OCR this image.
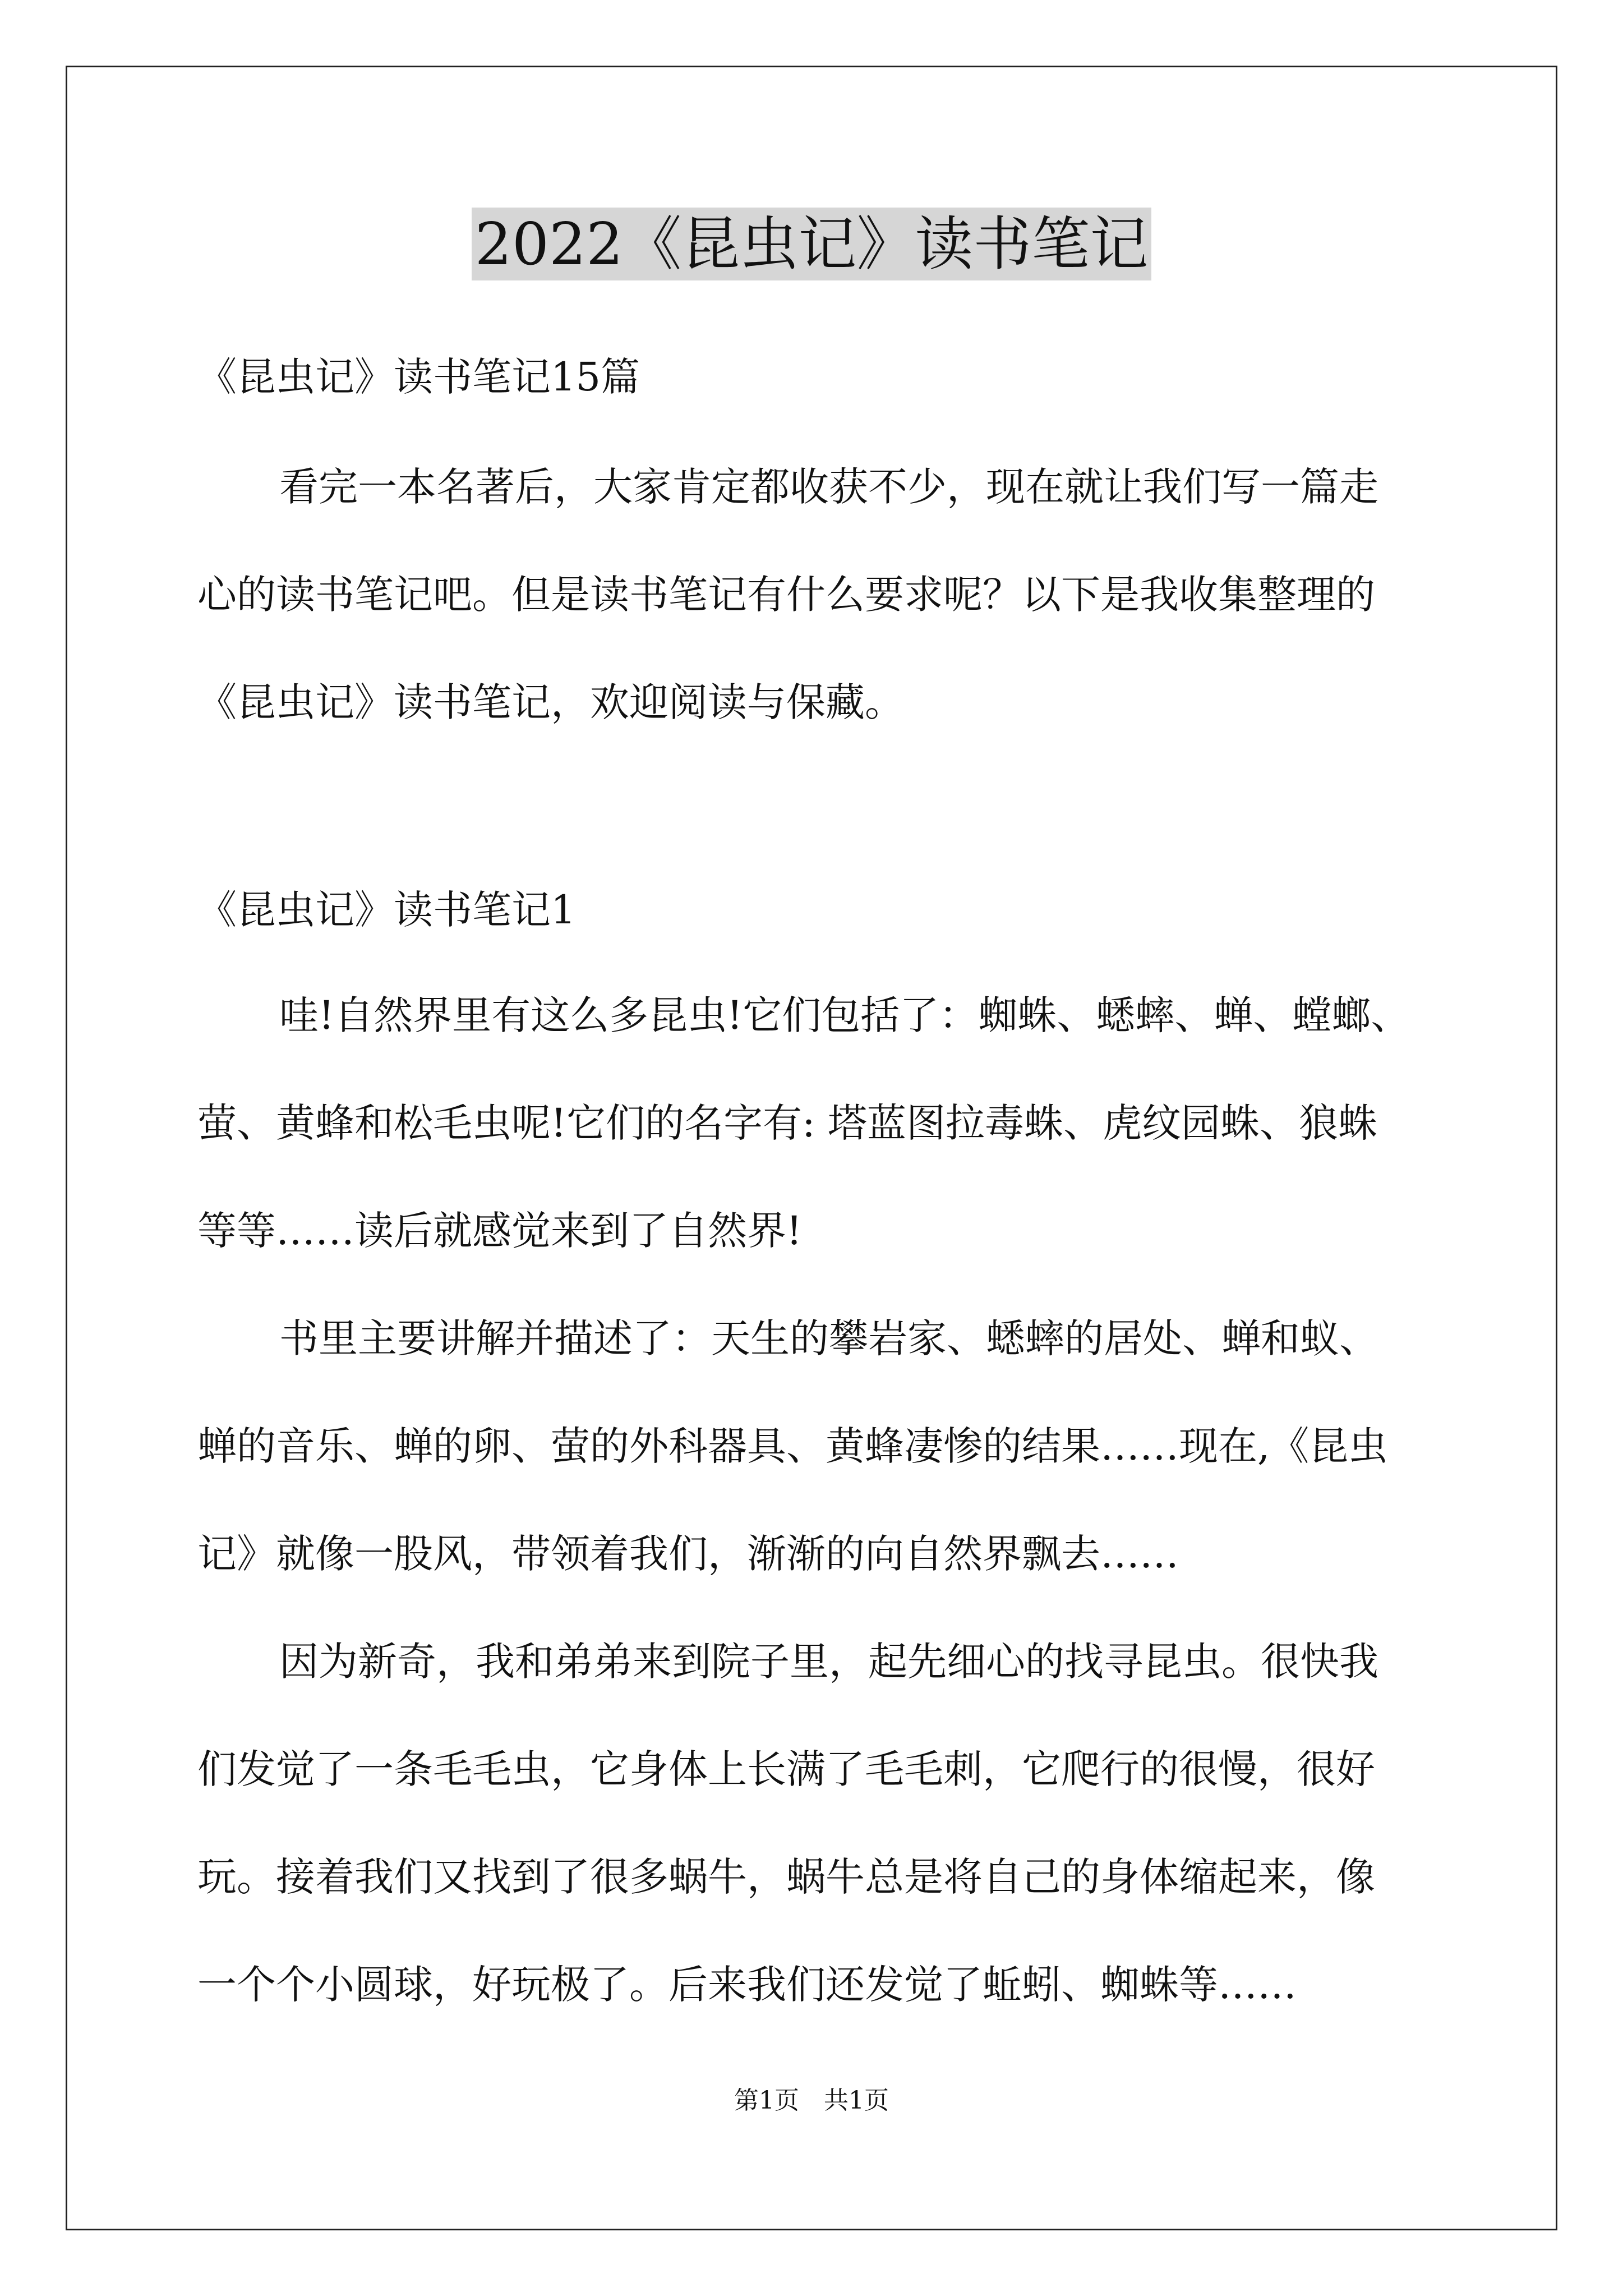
2022《昆虫记》读书笔记
《昆虫记》读书笔记15篇
看完一本名著后，大家肯定都收获不少，现在就让我们写一篇走
心的读书笔记吧。但是读书笔记有什么要求呢？以下是我收集整理的
《昆虫记》读书笔记，欢迎阅读与保藏。
《昆虫记》读书笔记1
哇!自然界里有这么多昆虫!它们包括了：蜘蛛、蟋蟀、蝉、螳螂、
萤、黄蜂和松毛虫呢!它们的名字有: 塔蓝图拉毒蛛、虎纹园蛛、狼蛛
等等……读后就感觉来到了自然界!
书里主要讲解并描述了：天生的攀岩家、蟋蟀的居处、蝉和蚁、
蝉的音乐、蝉的卵、萤的外科器具、黄蜂凄惨的结果……现在,《昆虫
记》就像一股风，带领着我们，渐渐的向自然界飘去……
因为新奇，我和弟弟来到院子里，起先细心的找寻昆虫。很快我
们发觉了一条毛毛虫，它身体上长满了毛毛刺，它爬行的很慢，很好
玩。接着我们又找到了很多蜗牛，蜗牛总是将自己的身体缩起来，像
一个个小圆球，好玩极了。后来我们还发觉了蚯蚓、蜘蛛等……
第1页　共1页
